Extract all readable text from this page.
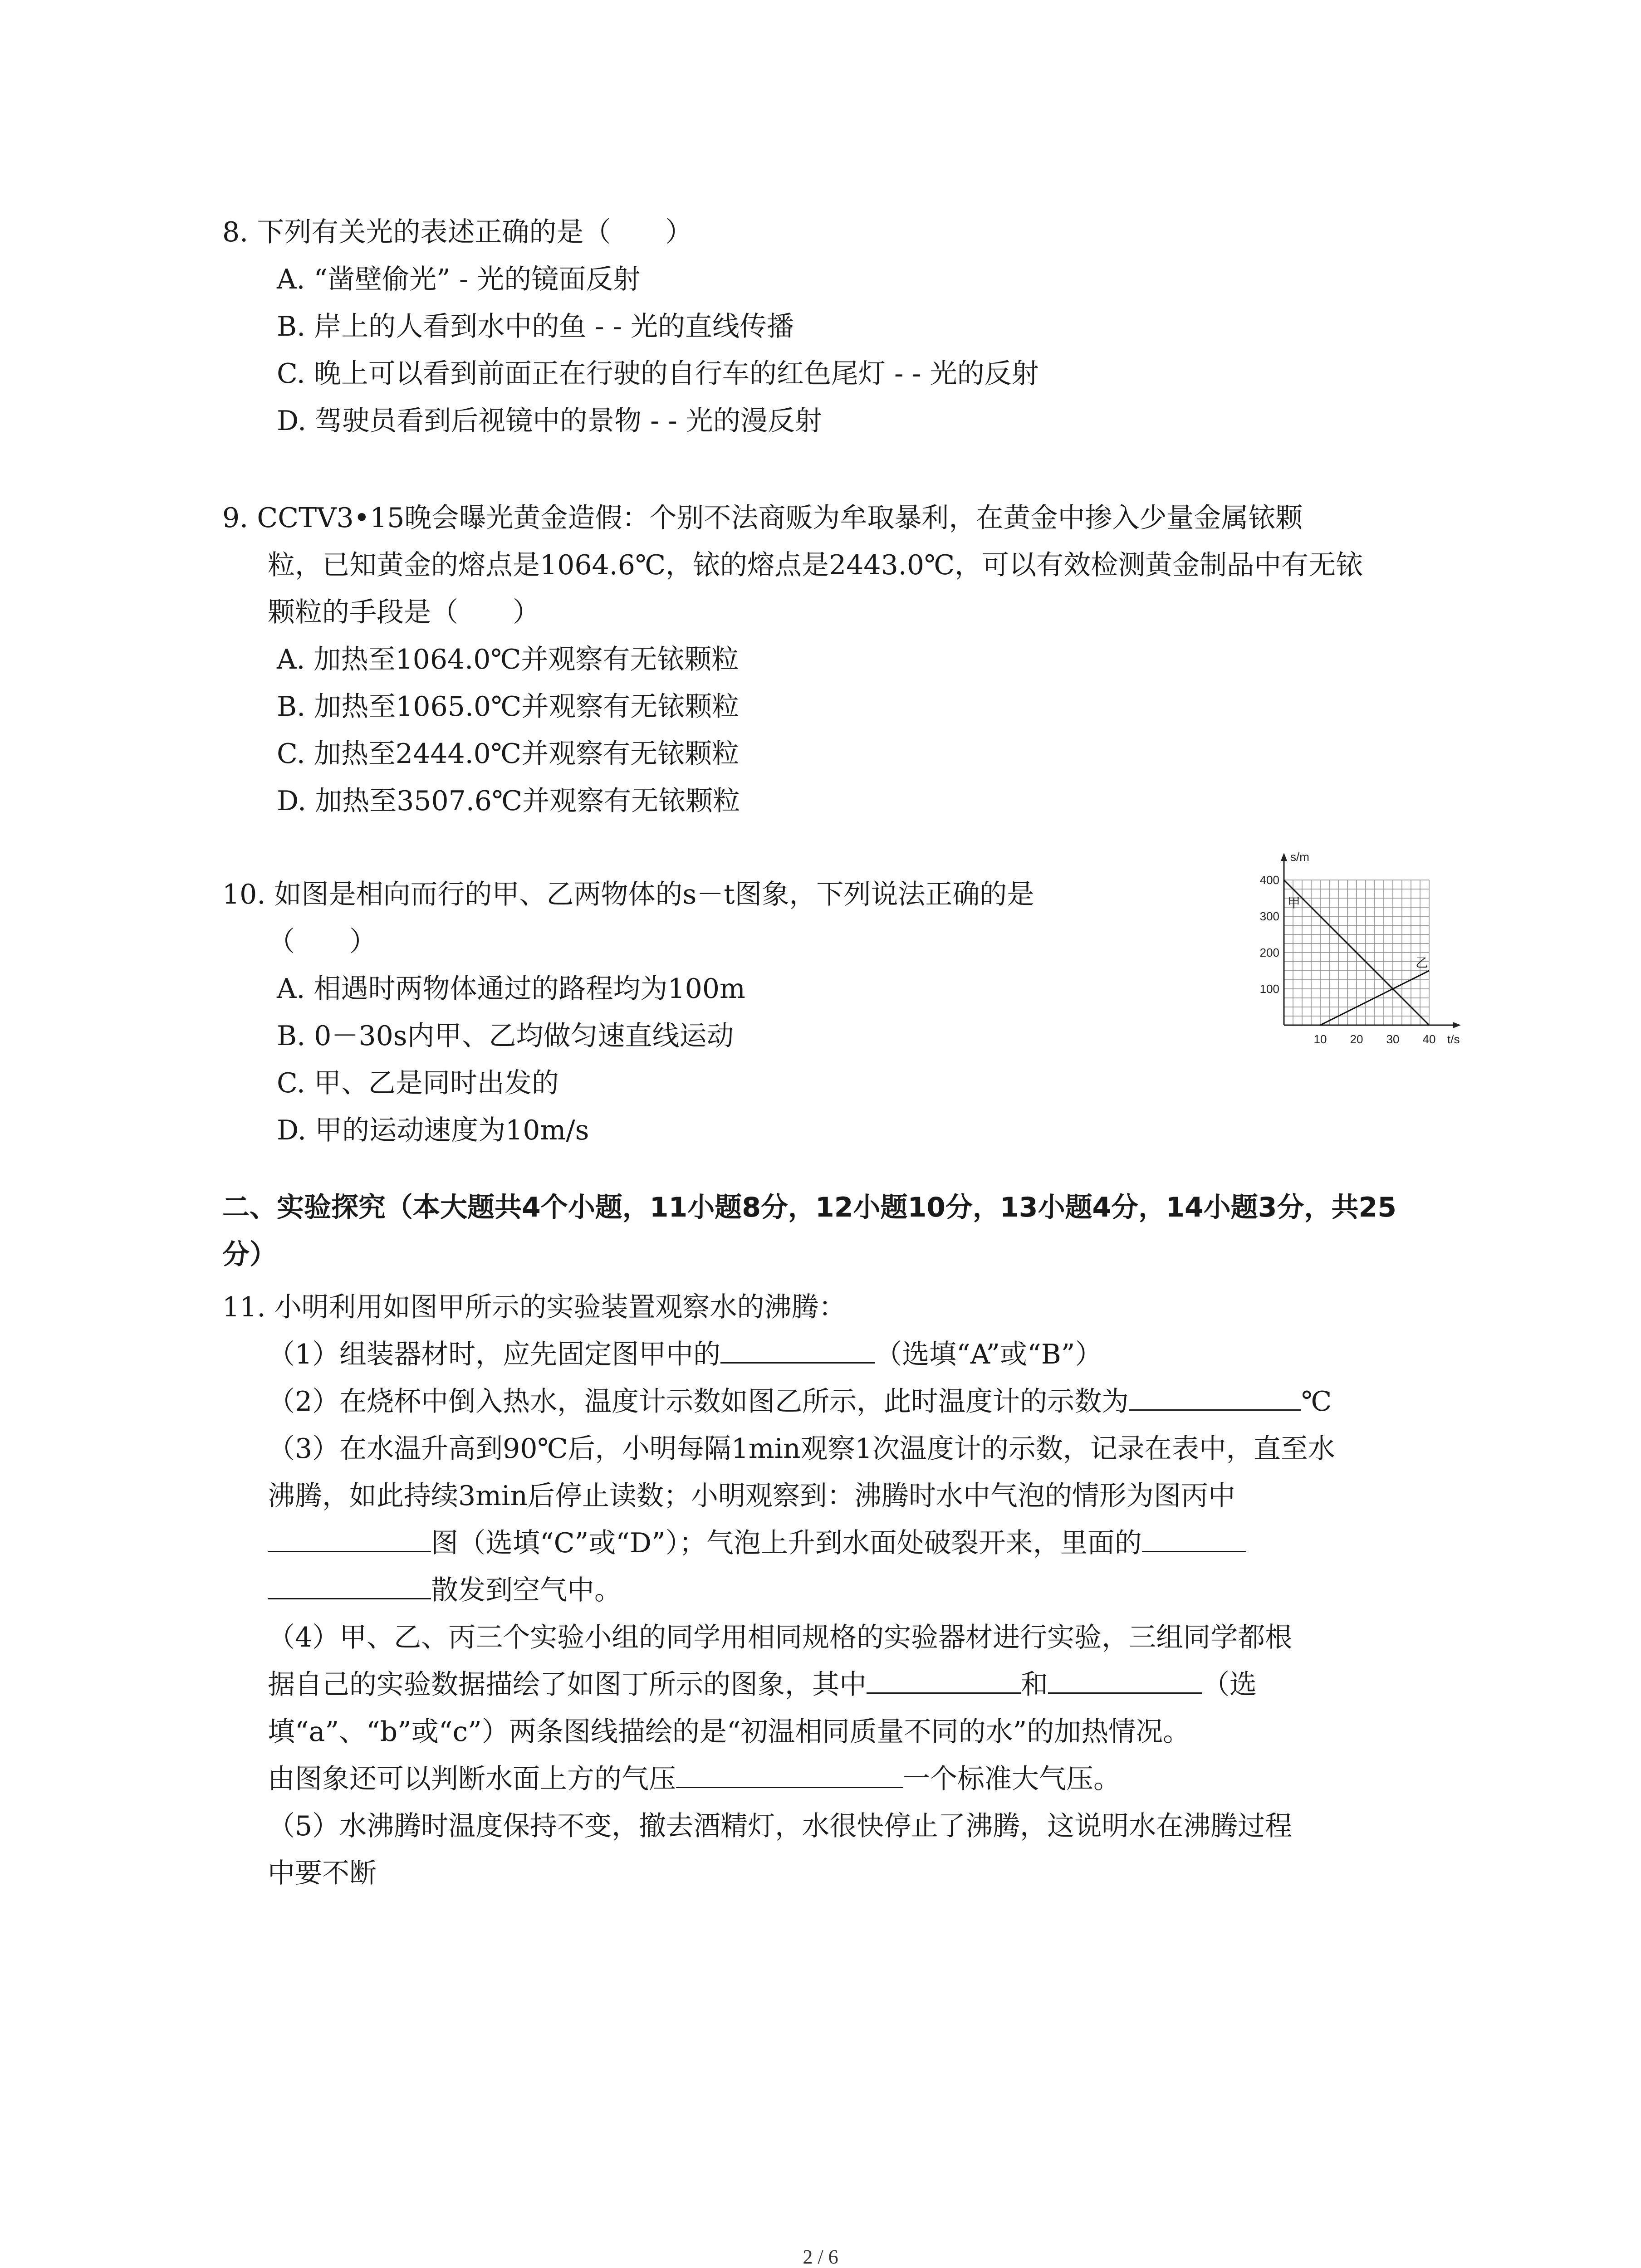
8. 下列有关光的表述正确的是（　　）
A. “凿壁偷光” - 光的镜面反射
B. 岸上的人看到水中的鱼 - - 光的直线传播
C. 晚上可以看到前面正在行驶的自行车的红色尾灯 - - 光的反射
D. 驾驶员看到后视镜中的景物 - - 光的漫反射
9. CCTV3•15晚会曝光黄金造假：个别不法商贩为牟取暴利，在黄金中掺入少量金属铱颗
粒，已知黄金的熔点是1064.6℃，铱的熔点是2443.0℃，可以有效检测黄金制品中有无铱
颗粒的手段是（　　）
A. 加热至1064.0℃并观察有无铱颗粒
B. 加热至1065.0℃并观察有无铱颗粒
C. 加热至2444.0℃并观察有无铱颗粒
D. 加热至3507.6℃并观察有无铱颗粒
10. 如图是相向而行的甲、乙两物体的s－t图象，下列说法正确的是
（　　）
A. 相遇时两物体通过的路程均为100m
B. 0－30s内甲、乙均做匀速直线运动
C. 甲、乙是同时出发的
D. 甲的运动速度为10m/s
s/m
t/s
10 20 30 40
100
200
300
400
甲
乙
二、实验探究（本大题共4个小题，11小题8分，12小题10分，13小题4分，14小题3分，共25
分）
11. 小明利用如图甲所示的实验装置观察水的沸腾：
（1）组装器材时，应先固定图甲中的	（选填“A”或“B”）
（2）在烧杯中倒入热水，温度计示数如图乙所示，此时温度计的示数为	℃
（3）在水温升高到90℃后，小明每隔1min观察1次温度计的示数，记录在表中，直至水
沸腾，如此持续3min后停止读数；小明观察到：沸腾时水中气泡的情形为图丙中
图（选填“C”或“D”）；气泡上升到水面处破裂开来，里面的
散发到空气中。
（4）甲、乙、丙三个实验小组的同学用相同规格的实验器材进行实验，三组同学都根
据自己的实验数据描绘了如图丁所示的图象，其中	和	（选
填“a”、“b”或“c”）两条图线描绘的是“初温相同质量不同的水”的加热情况。
由图象还可以判断水面上方的气压	一个标准大气压。
（5）水沸腾时温度保持不变，撤去酒精灯，水很快停止了沸腾，这说明水在沸腾过程
中要不断
2 / 6
